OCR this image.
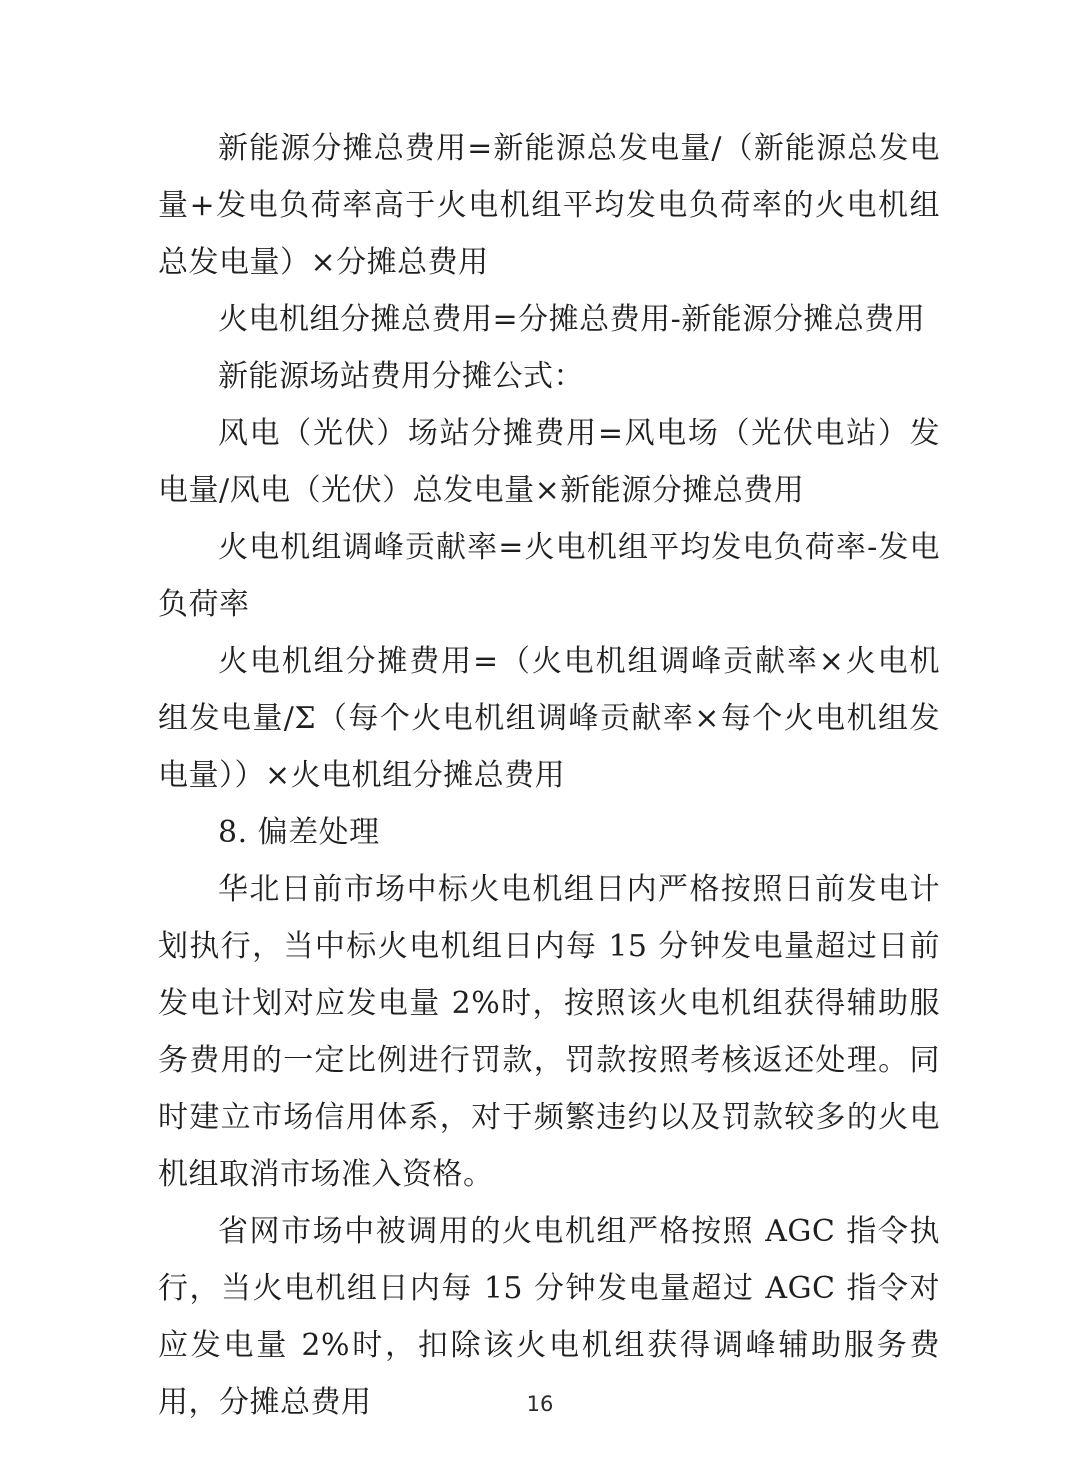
新能源分摊总费用=新能源总发电量/（新能源总发电量+发电负荷率高于火电机组平均发电负荷率的火电机组总发电量）×分摊总费用

火电机组分摊总费用=分摊总费用-新能源分摊总费用

新能源场站费用分摊公式：

风电（光伏）场站分摊费用=风电场（光伏电站）发电量/风电（光伏）总发电量×新能源分摊总费用

火电机组调峰贡献率=火电机组平均发电负荷率-发电负荷率

火电机组分摊费用=（火电机组调峰贡献率×火电机组发电量/Σ（每个火电机组调峰贡献率×每个火电机组发电量））×火电机组分摊总费用

8. 偏差处理

华北日前市场中标火电机组日内严格按照日前发电计划执行，当中标火电机组日内每 15 分钟发电量超过日前发电计划对应发电量 2%时，按照该火电机组获得辅助服务费用的一定比例进行罚款，罚款按照考核返还处理。同时建立市场信用体系，对于频繁违约以及罚款较多的火电机组取消市场准入资格。

省网市场中被调用的火电机组严格按照 AGC 指令执行，当火电机组日内每 15 分钟发电量超过 AGC 指令对应发电量 2%时，扣除该火电机组获得调峰辅助服务费用，分摊总费用	16
